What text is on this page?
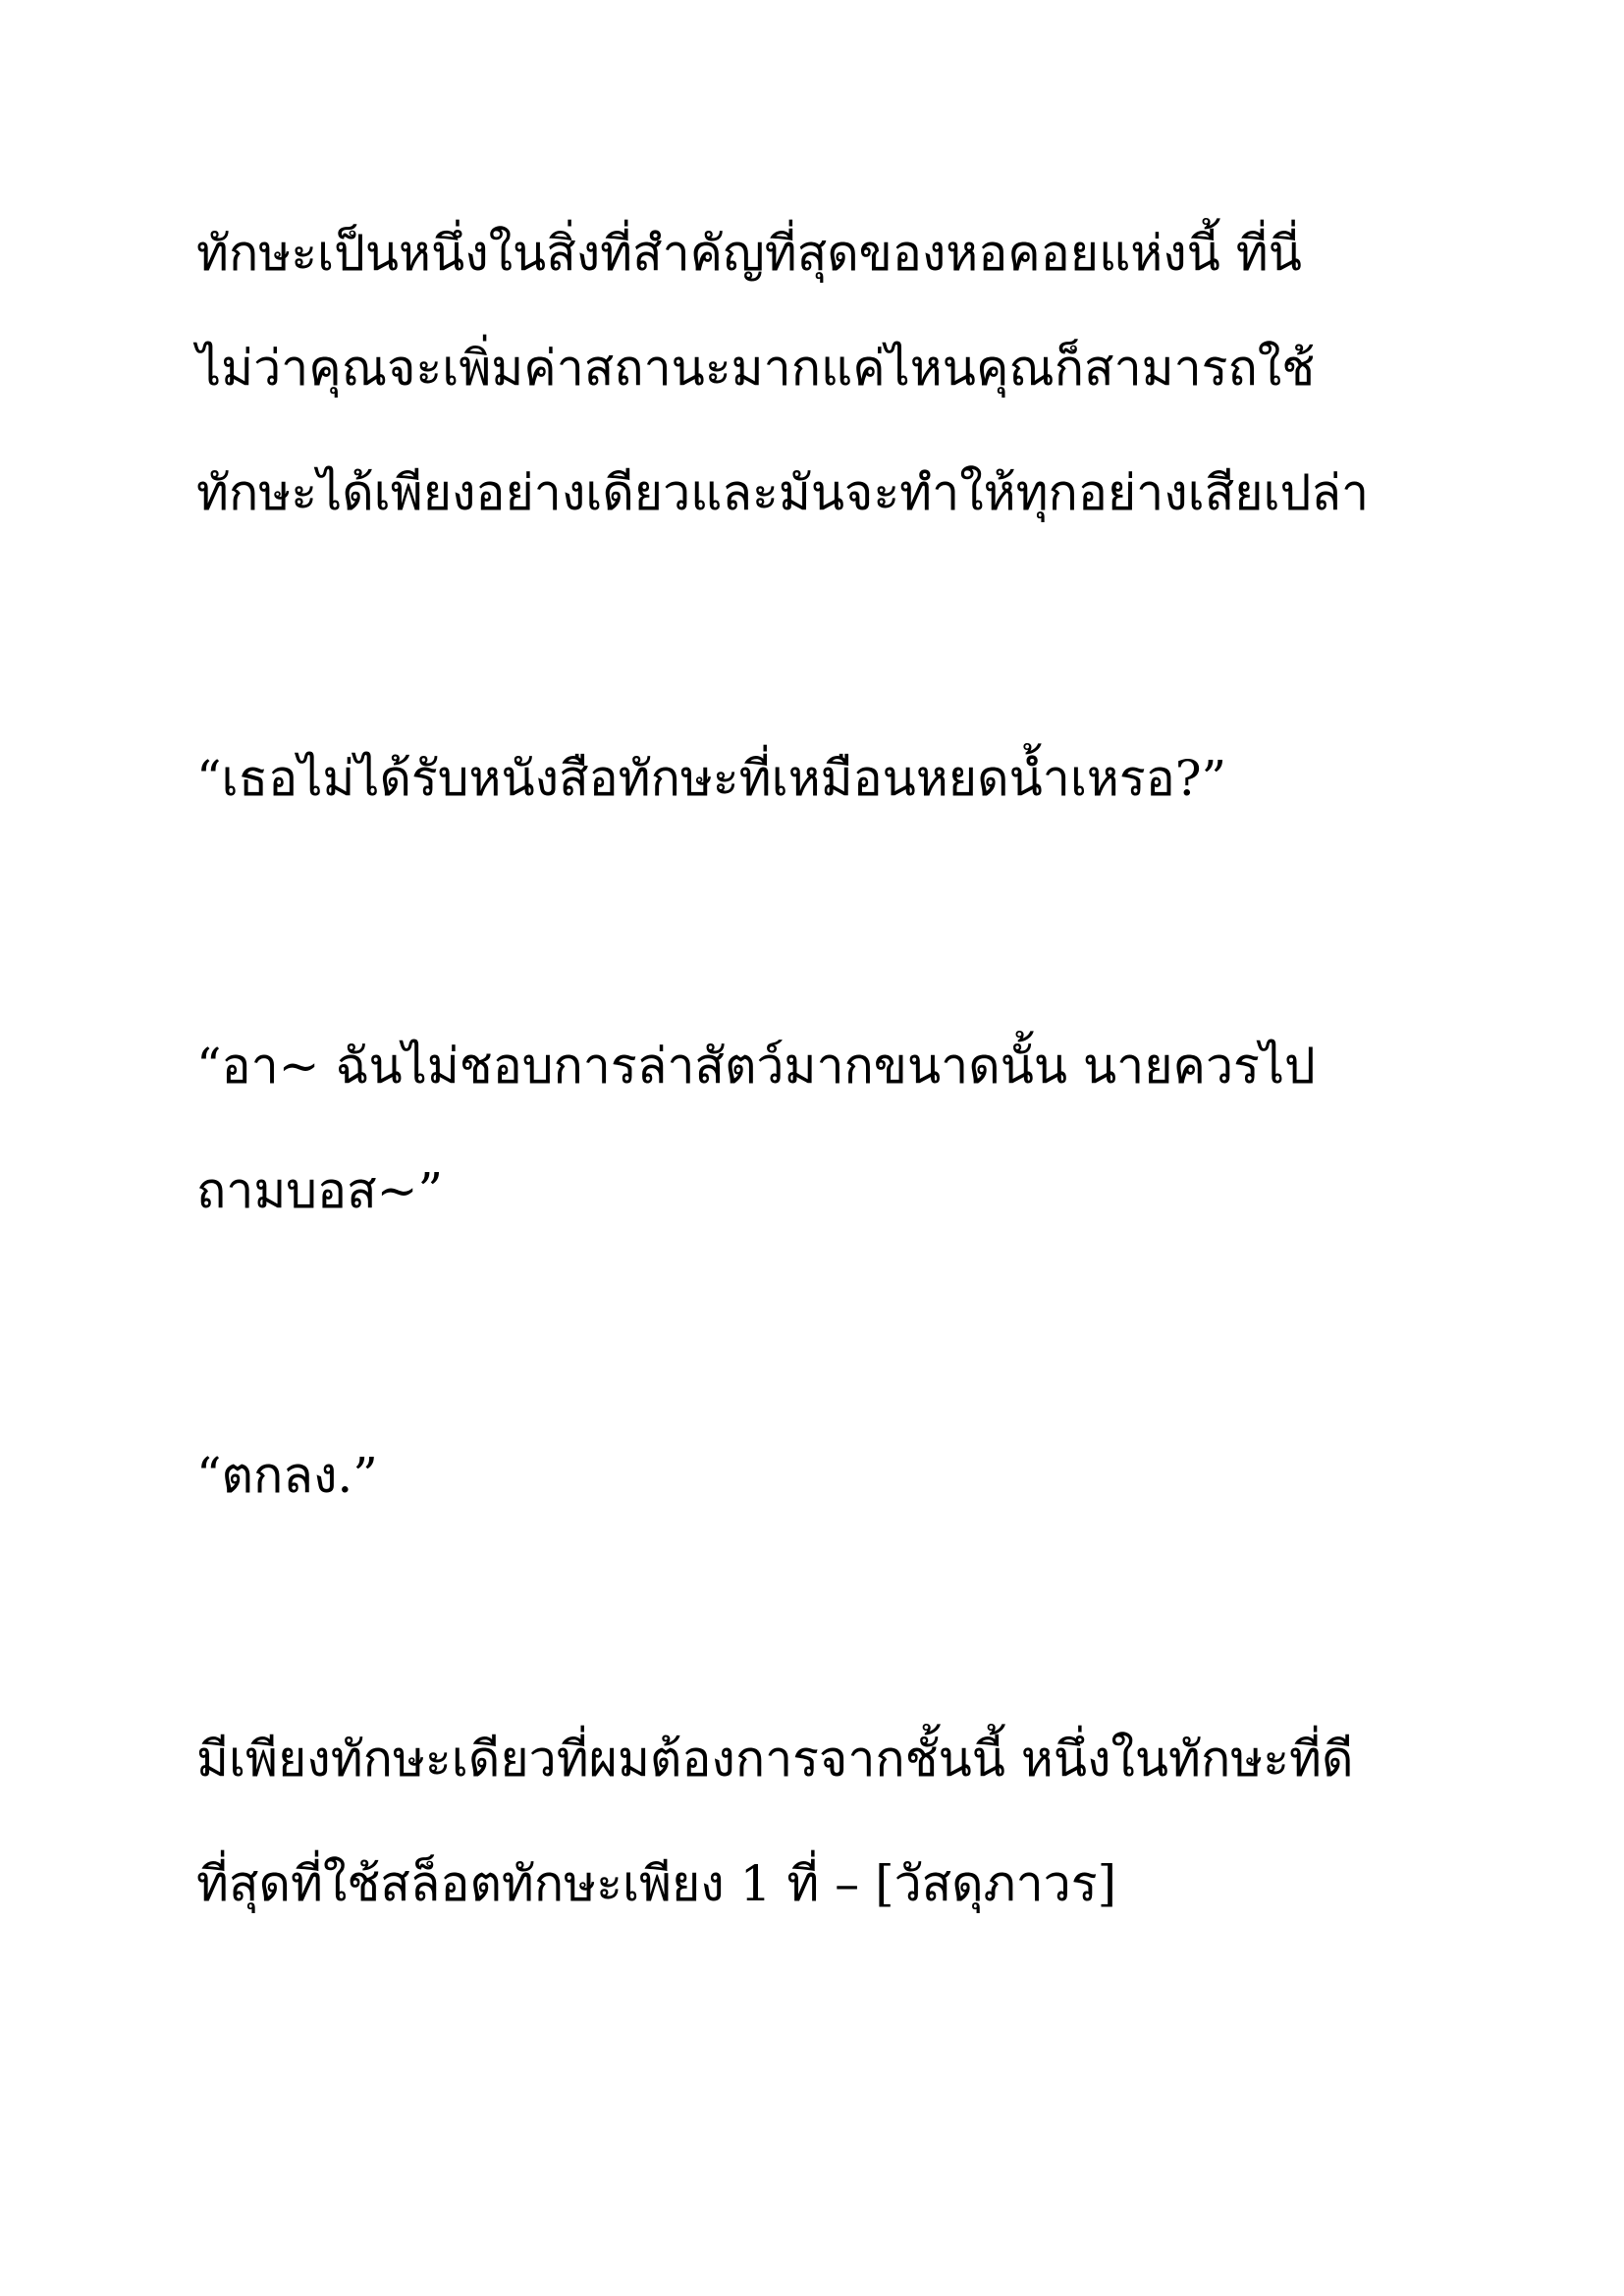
ทักษะเป็นหนึ่งในสิ่งที่สำคัญที่สุดของหอคอยแห่งนี้ ที่นี่

ไม่ว่าคุณจะเพิ่มค่าสถานะมากแค่ไหนคุณก็สามารถใช้

ทักษะได้เพียงอย่างเดียวและมันจะทำให้ทุกอย่างเสียเปล่า

“เธอไม่ได้รับหนังสือทักษะที่เหมือนหยดน้ำเหรอ?”

“อา~ ฉันไม่ชอบการล่าสัตว์มากขนาดนั้น นายควรไป

ถามบอส~”

“ตกลง.”

มีเพียงทักษะเดียวที่ผมต้องการจากชั้นนี้ หนึ่งในทักษะที่ดี

ที่สุดที่ใช้สล็อตทักษะเพียง 1 ที่ – [วัสดุภาวร]
